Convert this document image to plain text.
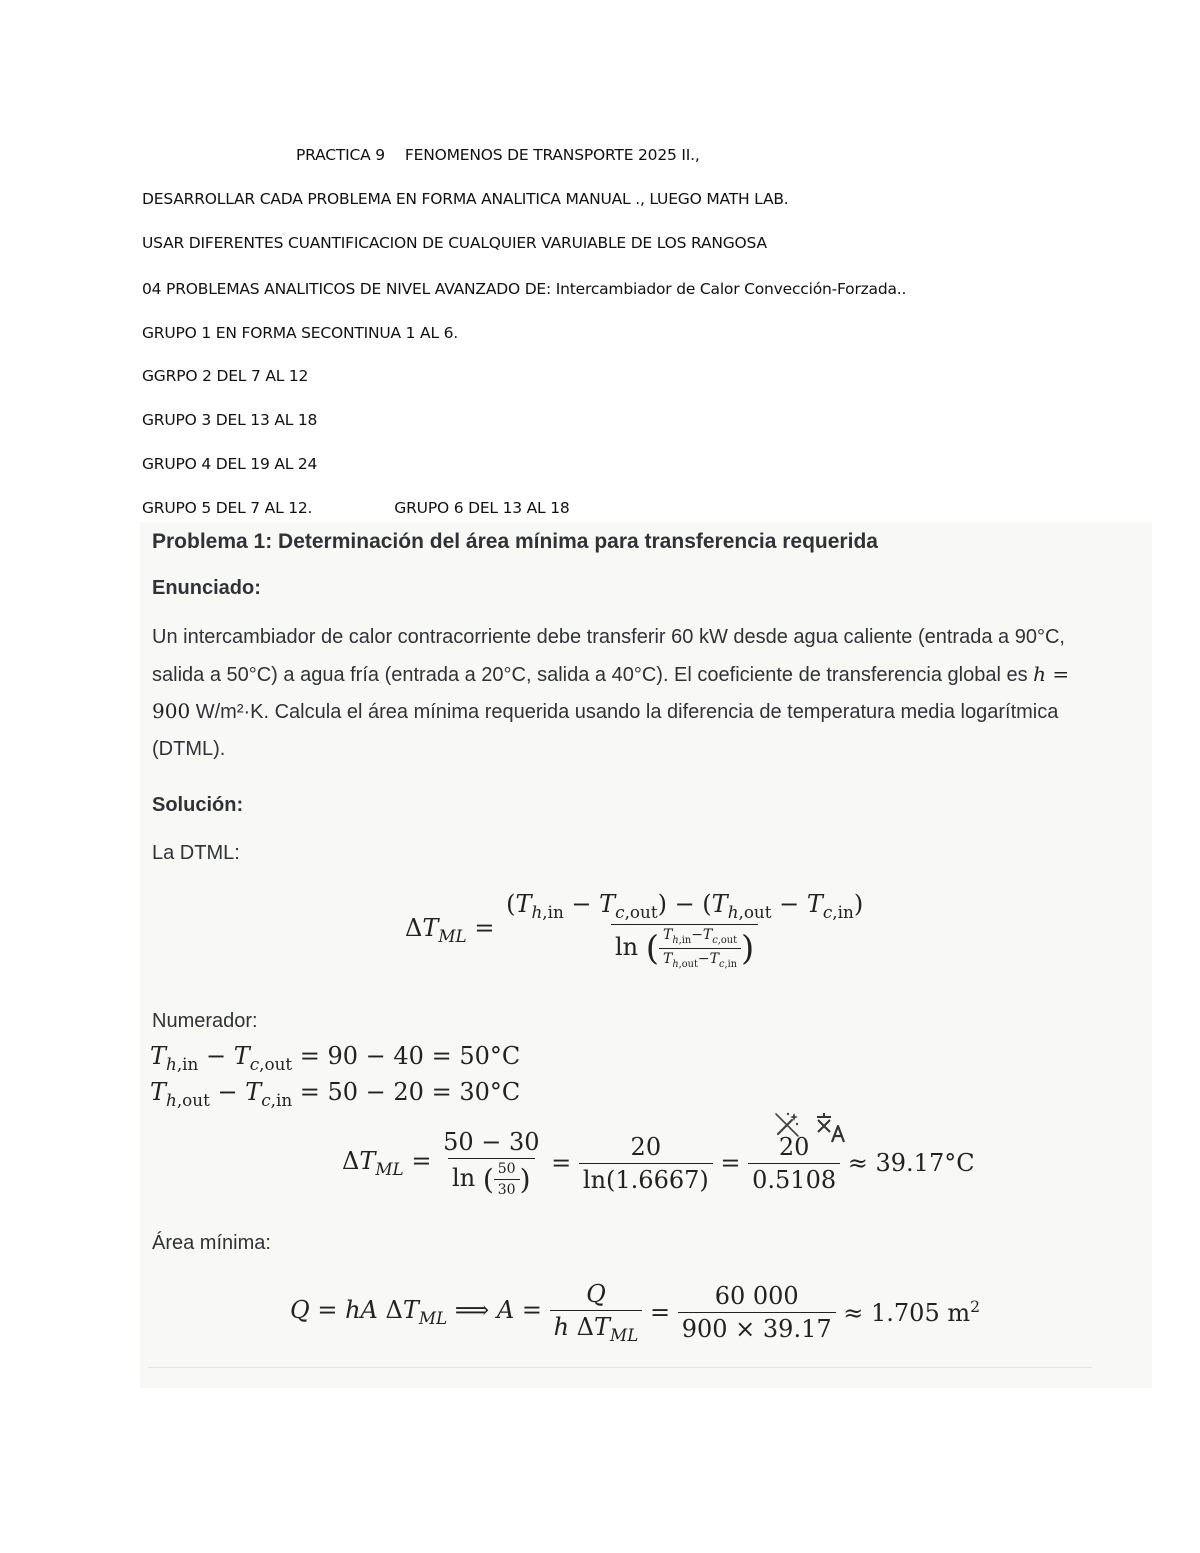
PRACTICA 9 FENOMENOS DE TRANSPORTE 2025 II.,
DESARROLLAR CADA PROBLEMA EN FORMA ANALITICA MANUAL ., LUEGO MATH LAB.
USAR DIFERENTES CUANTIFICACION DE CUALQUIER VARUIABLE DE LOS RANGOSA
04 PROBLEMAS ANALITICOS DE NIVEL AVANZADO DE: Intercambiador de Calor Convección-Forzada..
GRUPO 1 EN FORMA SECONTINUA 1 AL 6.
GGRPO 2 DEL 7 AL 12
GRUPO 3 DEL 13 AL 18
GRUPO 4 DEL 19 AL 24
GRUPO 5 DEL 7 AL 12.	GRUPO 6 DEL 13 AL 18
Problema 1: Determinación del área mínima para transferencia requerida
Enunciado:
Un intercambiador de calor contracorriente debe transferir 60 kW desde agua caliente (entrada a 90°C, salida a 50°C) a agua fría (entrada a 20°C, salida a 40°C). El coeficiente de transferencia global es h = 900 W/m²·K. Calcula el área mínima requerida usando la diferencia de temperatura media logarítmica (DTML).
Solución:
La DTML:
$\Delta T_{ML} = \frac{(T_{h,in} - T_{c,out}) - (T_{h,out} - T_{c,in})}{\ln ( \frac{T_{h,in}-T_{c,out}}{T_{h,out}-T_{c,in}} )}$
Numerador:
$T_{h,in} - T_{c,out} = 90 - 40 = 50^\circ C$
$T_{h,out} - T_{c,in} = 50 - 20 = 30^\circ C$
$\Delta T_{ML} = \frac{50 - 30}{\ln ( \frac{50}{30} )} = \frac{20}{\ln(1.6667)} = \frac{20}{0.5108} \approx 39.17^\circ C$
Área mínima:
Q = hA $\Delta T_{ML}$ ⟹ $A = \frac{Q}{h \Delta T_{ML}} = \frac{60 000}{900 \times 39.17} \approx 1.705$ $m^2$
